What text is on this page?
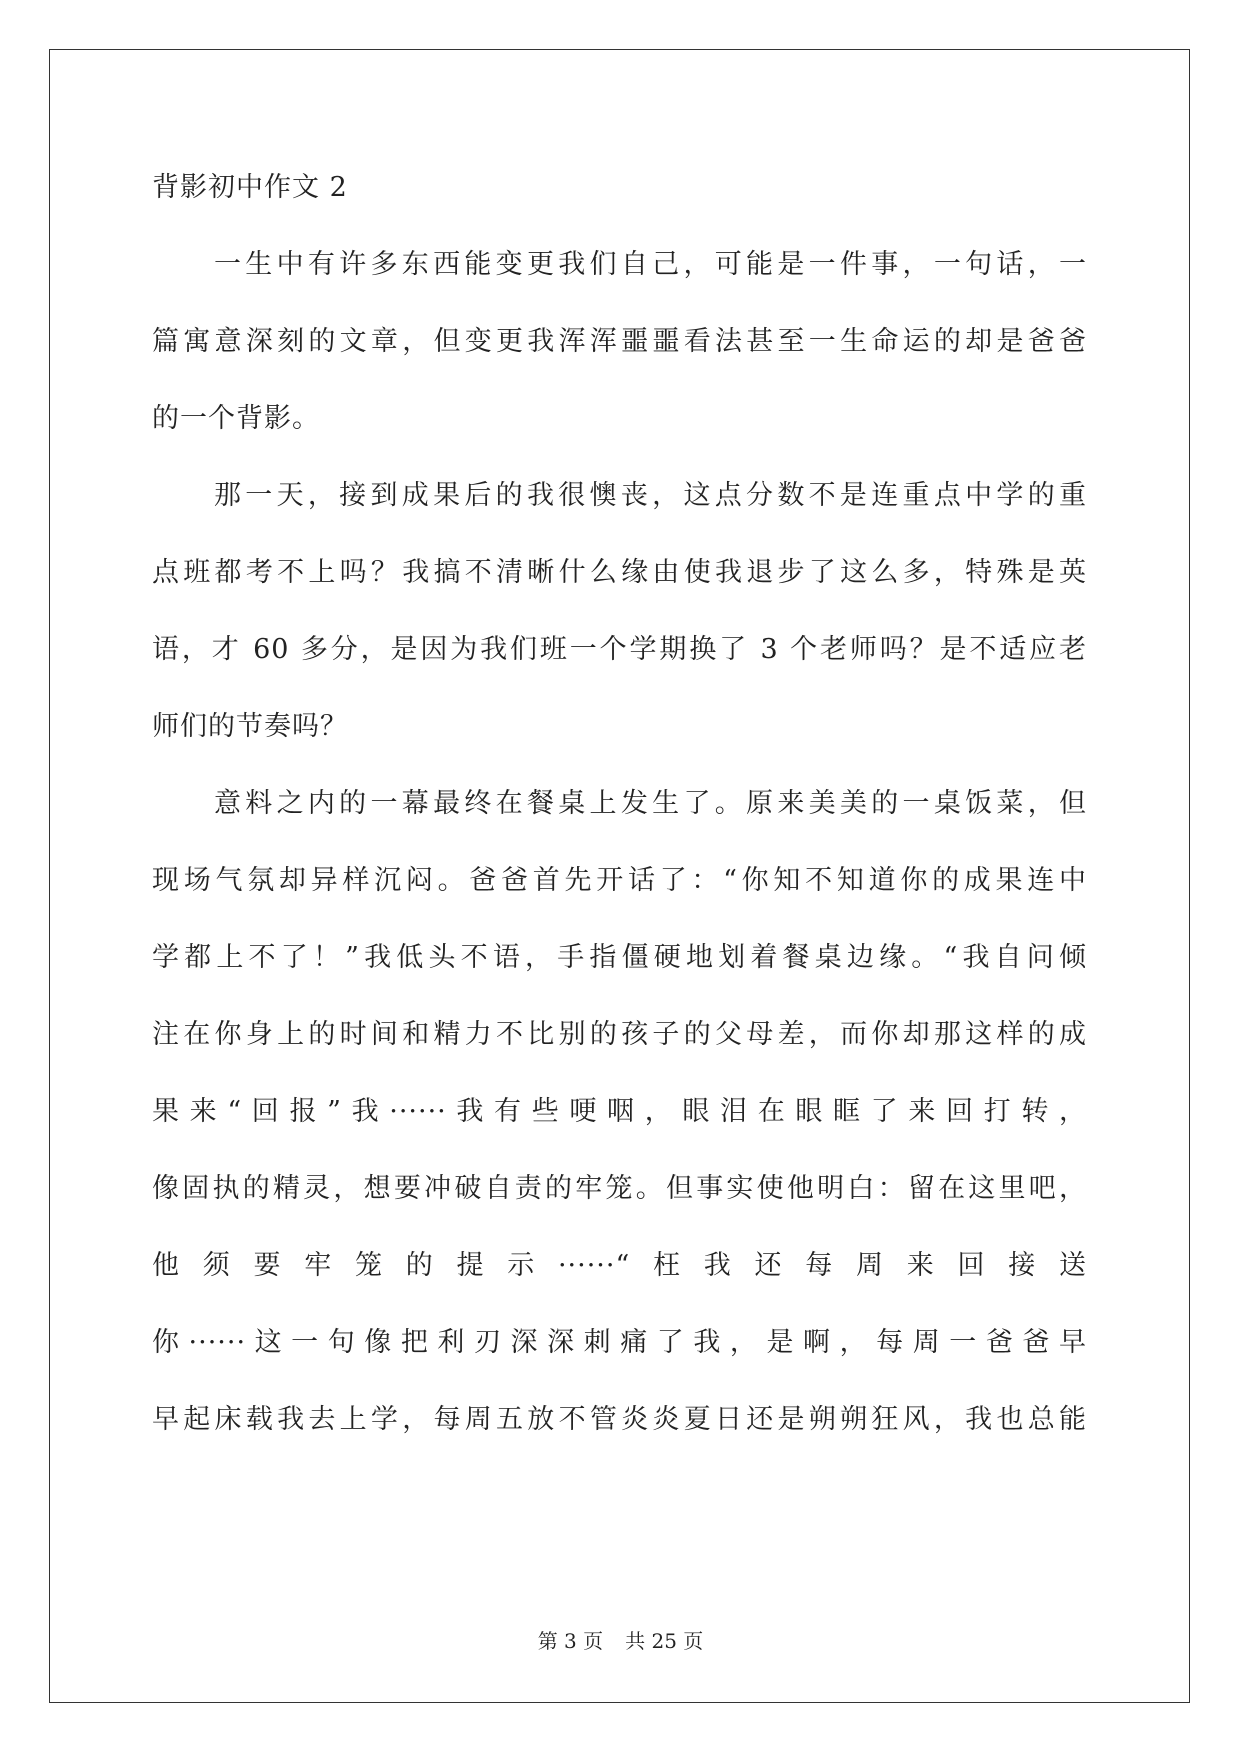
背影初中作文 2
一生中有许多东西能变更我们自己，可能是一件事，一句话，一
篇寓意深刻的文章，但变更我浑浑噩噩看法甚至一生命运的却是爸爸
的一个背影。
那一天，接到成果后的我很懊丧，这点分数不是连重点中学的重
点班都考不上吗？我搞不清晰什么缘由使我退步了这么多，特殊是英
语，才 60 多分，是因为我们班一个学期换了 3 个老师吗？是不适应老
师们的节奏吗？
意料之内的一幕最终在餐桌上发生了。原来美美的一桌饭菜，但
现场气氛却异样沉闷。爸爸首先开话了：“你知不知道你的成果连中
学都上不了！”我低头不语，手指僵硬地划着餐桌边缘。“我自问倾
注在你身上的时间和精力不比别的孩子的父母差，而你却那这样的成
果来“回报”我······我有些哽咽，眼泪在眼眶了来回打转，
像固执的精灵，想要冲破自责的牢笼。但事实使他明白：留在这里吧，
他须要牢笼的提示······“枉我还每周来回接送
你······这一句像把利刃深深刺痛了我，是啊，每周一爸爸早
早起床载我去上学，每周五放不管炎炎夏日还是朔朔狂风，我也总能
第 3 页 共 25 页
